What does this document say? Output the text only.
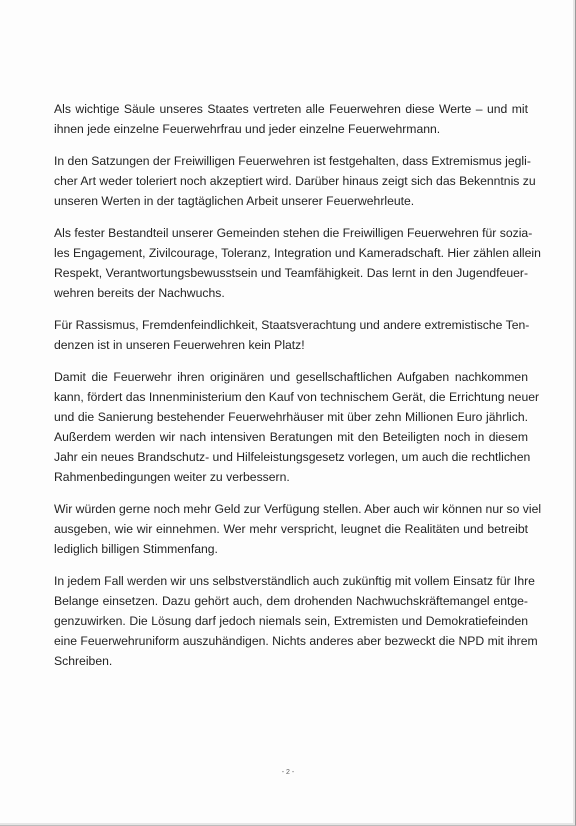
Als wichtige Säule unseres Staates vertreten alle Feuerwehren diese Werte – und mit
ihnen jede einzelne Feuerwehrfrau und jeder einzelne Feuerwehrmann.

In den Satzungen der Freiwilligen Feuerwehren ist festgehalten, dass Extremismus jegli-
cher Art weder toleriert noch akzeptiert wird. Darüber hinaus zeigt sich das Bekenntnis zu
unseren Werten in der tagtäglichen Arbeit unserer Feuerwehrleute.

Als fester Bestandteil unserer Gemeinden stehen die Freiwilligen Feuerwehren für sozia-
les Engagement, Zivilcourage, Toleranz, Integration und Kameradschaft. Hier zählen allein
Respekt, Verantwortungsbewusstsein und Teamfähigkeit. Das lernt in den Jugendfeuer-
wehren bereits der Nachwuchs.

Für Rassismus, Fremdenfeindlichkeit, Staatsverachtung und andere extremistische Ten-
denzen ist in unseren Feuerwehren kein Platz!

Damit die Feuerwehr ihren originären und gesellschaftlichen Aufgaben nachkommen
kann, fördert das Innenministerium den Kauf von technischem Gerät, die Errichtung neuer
und die Sanierung bestehender Feuerwehrhäuser mit über zehn Millionen Euro jährlich.
Außerdem werden wir nach intensiven Beratungen mit den Beteiligten noch in diesem
Jahr ein neues Brandschutz- und Hilfeleistungsgesetz vorlegen, um auch die rechtlichen
Rahmenbedingungen weiter zu verbessern.

Wir würden gerne noch mehr Geld zur Verfügung stellen. Aber auch wir können nur so viel
ausgeben, wie wir einnehmen. Wer mehr verspricht, leugnet die Realitäten und betreibt
lediglich billigen Stimmenfang.

In jedem Fall werden wir uns selbstverständlich auch zukünftig mit vollem Einsatz für Ihre
Belange einsetzen. Dazu gehört auch, dem drohenden Nachwuchskräftemangel entge-
genzuwirken. Die Lösung darf jedoch niemals sein, Extremisten und Demokratiefeinden
eine Feuerwehruniform auszuhändigen. Nichts anderes aber bezweckt die NPD mit ihrem
Schreiben.

- 2 -
